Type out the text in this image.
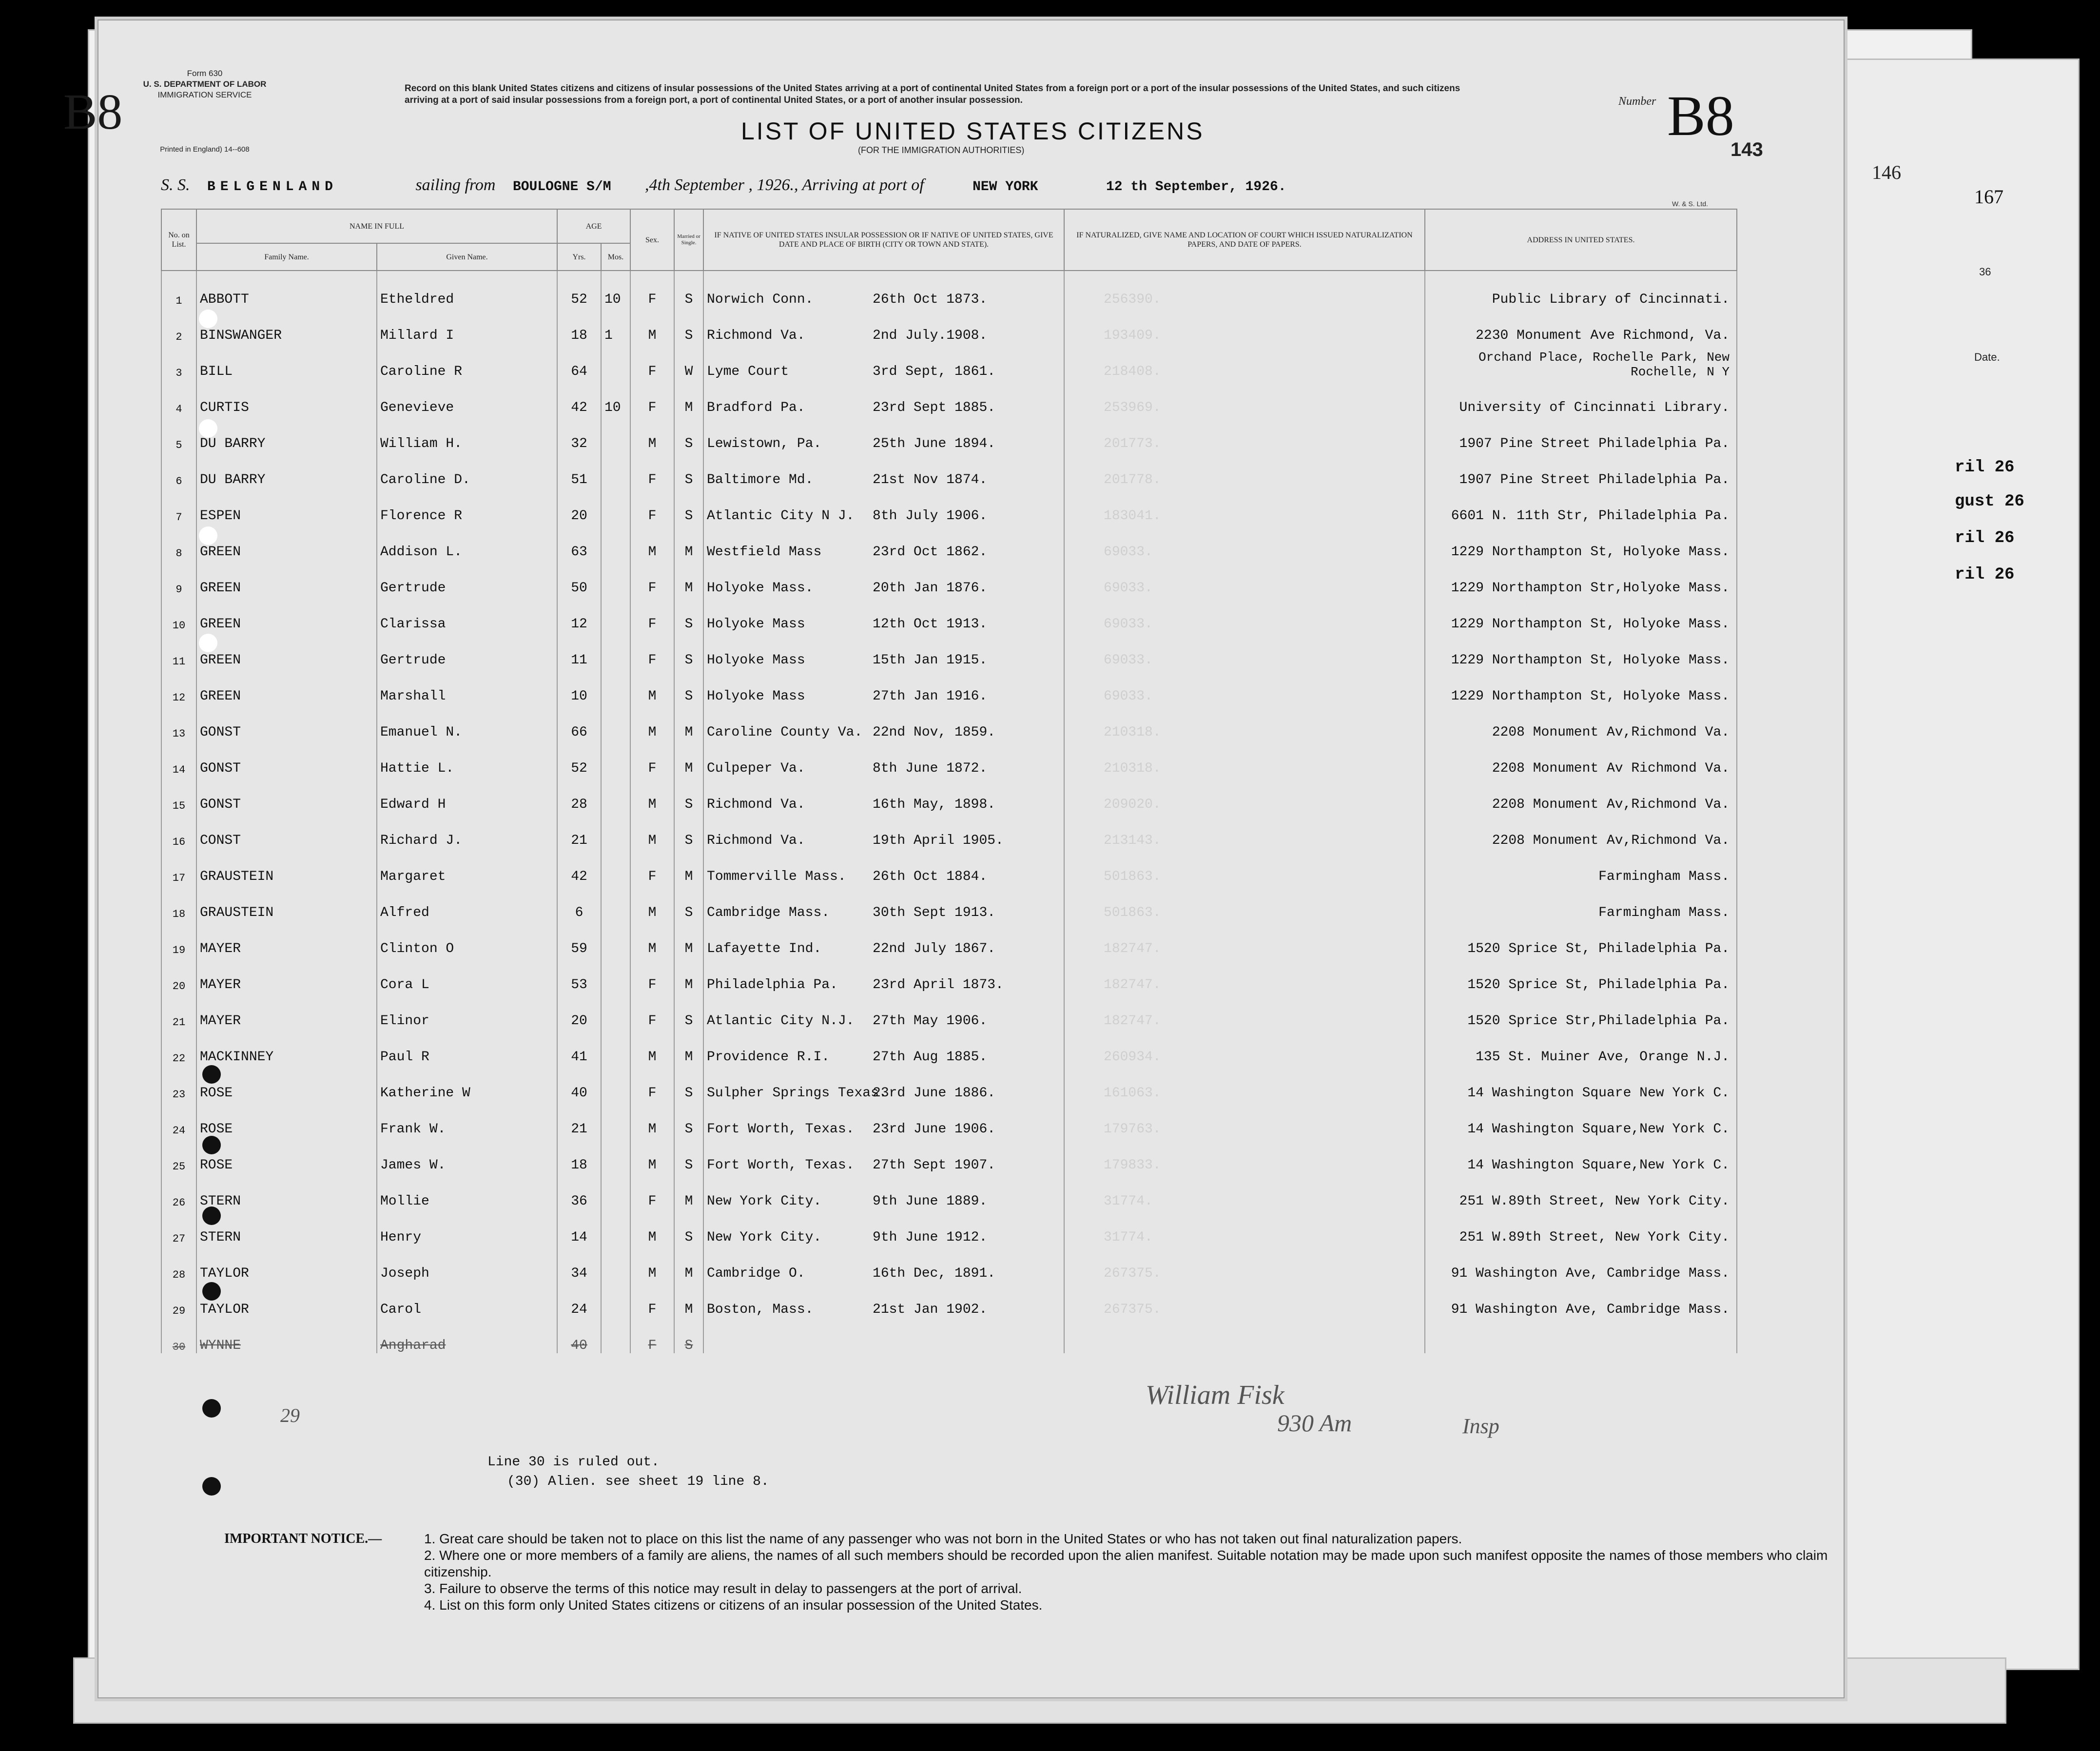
146
167
36
Date.
ril 26
gust 26
ril 26
ril 26
B8
Form 630
U. S. DEPARTMENT OF LABOR
IMMIGRATION SERVICE
Printed in England) 14--608
Record on this blank United States citizens and citizens of insular possessions of the United States arriving at a port of continental United States from a foreign port or a port of the insular possessions of the United States, and such citizens arriving at a port of said insular possessions from a foreign port, a port of continental United States, or a port of another insular possession.
LIST OF UNITED STATES CITIZENS
(FOR THE IMMIGRATION AUTHORITIES)
Number B8
143
S. S. BELGENLAND	sailing from BOULOGNE S/M ,4th September , 1926., Arriving at port of	NEW YORK	12 th September, 1926.
W. & S. Ltd.
No. on List.	NAME IN FULL		AGE		Sex.	Married or Single.	IF NATIVE OF UNITED STATES INSULAR POSSESSION OR IF NATIVE OF UNITED STATES, GIVE DATE AND PLACE OF BIRTH (CITY OR TOWN AND STATE).	IF NATURALIZED, GIVE NAME AND LOCATION OF COURT WHICH ISSUED NATURALIZATION PAPERS, AND DATE OF PAPERS.	ADDRESS IN UNITED STATES.
	Family Name.	Given Name.	Yrs.	Mos.					
1	ABBOTT	Etheldred	52	10	F	S	Norwich Conn. 26th Oct 1873.	256390.	Public Library of Cincinnati.
2	BINSWANGER	Millard I	18	1	M	S	Richmond Va. 2nd July.1908.	193409.	2230 Monument Ave Richmond, Va.
3	BILL	Caroline R	64		F	W	Lyme Court 3rd Sept, 1861.	218408.	Orchand Place, Rochelle Park, New Rochelle, N Y
4	CURTIS	Genevieve	42	10	F	M	Bradford Pa. 23rd Sept 1885.	253969.	University of Cincinnati Library.
5	DU BARRY	William H.	32		M	S	Lewistown, Pa. 25th June 1894.	201773.	1907 Pine Street Philadelphia Pa.
6	DU BARRY	Caroline D.	51		F	S	Baltimore Md. 21st Nov 1874.	201778.	1907 Pine Street Philadelphia Pa.
7	ESPEN	Florence R	20		F	S	Atlantic City N J. 8th July 1906.	183041.	6601 N. 11th Str, Philadelphia Pa.
8	GREEN	Addison L.	63		M	M	Westfield Mass 23rd Oct 1862.	69033.	1229 Northampton St, Holyoke Mass.
9	GREEN	Gertrude	50		F	M	Holyoke Mass. 20th Jan 1876.	69033.	1229 Northampton Str,Holyoke Mass.
10	GREEN	Clarissa	12		F	S	Holyoke Mass 12th Oct 1913.	69033.	1229 Northampton St, Holyoke Mass.
11	GREEN	Gertrude	11		F	S	Holyoke Mass 15th Jan 1915.	69033.	1229 Northampton St, Holyoke Mass.
12	GREEN	Marshall	10		M	S	Holyoke Mass 27th Jan 1916.	69033.	1229 Northampton St, Holyoke Mass.
13	GONST	Emanuel N.	66		M	M	Caroline County Va. 22nd Nov, 1859.	210318.	2208 Monument Av,Richmond Va.
14	GONST	Hattie L.	52		F	M	Culpeper Va. 8th June 1872.	210318.	2208 Monument Av Richmond Va.
15	GONST	Edward H	28		M	S	Richmond Va. 16th May, 1898.	209020.	2208 Monument Av,Richmond Va.
16	CONST	Richard J.	21		M	S	Richmond Va. 19th April 1905.	213143.	2208 Monument Av,Richmond Va.
17	GRAUSTEIN	Margaret	42		F	M	Tommerville Mass. 26th Oct 1884.	501863.	Farmingham Mass.
18	GRAUSTEIN	Alfred	6		M	S	Cambridge Mass. 30th Sept 1913.	501863.	Farmingham Mass.
19	MAYER	Clinton O	59		M	M	Lafayette Ind. 22nd July 1867.	182747.	1520 Sprice St, Philadelphia Pa.
20	MAYER	Cora L	53		F	M	Philadelphia Pa. 23rd April 1873.	182747.	1520 Sprice St, Philadelphia Pa.
21	MAYER	Elinor	20		F	S	Atlantic City N.J. 27th May 1906.	182747.	1520 Sprice Str,Philadelphia Pa.
22	MACKINNEY	Paul R	41		M	M	Providence R.I. 27th Aug 1885.	260934.	135 St. Muiner Ave, Orange N.J.
23	ROSE	Katherine W	40		F	S	Sulpher Springs Texas.23rd June 1886.	161063.	14 Washington Square New York C.
24	ROSE	Frank W.	21		M	S	Fort Worth, Texas. 23rd June 1906.	179763.	14 Washington Square,New York C.
25	ROSE	James W.	18		M	S	Fort Worth, Texas. 27th Sept 1907.	179833.	14 Washington Square,New York C.
26	STERN	Mollie	36		F	M	New York City. 9th June 1889.	31774.	251 W.89th Street, New York City.
27	STERN	Henry	14		M	S	New York City. 9th June 1912.	31774.	251 W.89th Street, New York City.
28	TAYLOR	Joseph	34		M	M	Cambridge O. 16th Dec, 1891.	267375.	91 Washington Ave, Cambridge Mass.
29	TAYLOR	Carol	24		F	M	Boston, Mass. 21st Jan 1902.	267375.	91 Washington Ave, Cambridge Mass.
30	WYNNE	Angharad	40		F	S			
29
William Fisk
930 Am	Insp
Line 30 is ruled out.
(30) Alien. see sheet 19 line 8.
IMPORTANT NOTICE.—	1. Great care should be taken not to place on this list the name of any passenger who was not born in the United States or who has not taken out final naturalization papers.
2. Where one or more members of a family are aliens, the names of all such members should be recorded upon the alien manifest. Suitable notation may be made upon such manifest opposite the names of those members who claim citizenship.
3. Failure to observe the terms of this notice may result in delay to passengers at the port of arrival.
4. List on this form only United States citizens or citizens of an insular possession of the United States.
